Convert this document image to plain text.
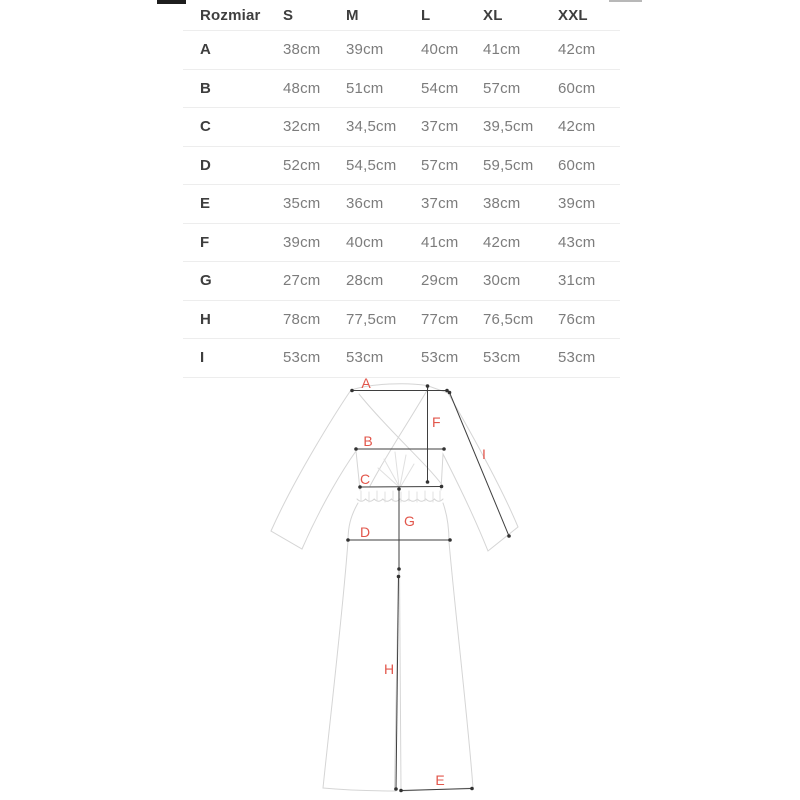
Rozmiar	S	M	L	XL	XXL
A	38cm	39cm	40cm	41cm	42cm
B	48cm	51cm	54cm	57cm	60cm
C	32cm	34,5cm	37cm	39,5cm	42cm
D	52cm	54,5cm	57cm	59,5cm	60cm
E	35cm	36cm	37cm	38cm	39cm
F	39cm	40cm	41cm	42cm	43cm
G	27cm	28cm	29cm	30cm	31cm
H	78cm	77,5cm	77cm	76,5cm	76cm
I	53cm	53cm	53cm	53cm	53cm
A
B
C
D
E
F
G
H
I
